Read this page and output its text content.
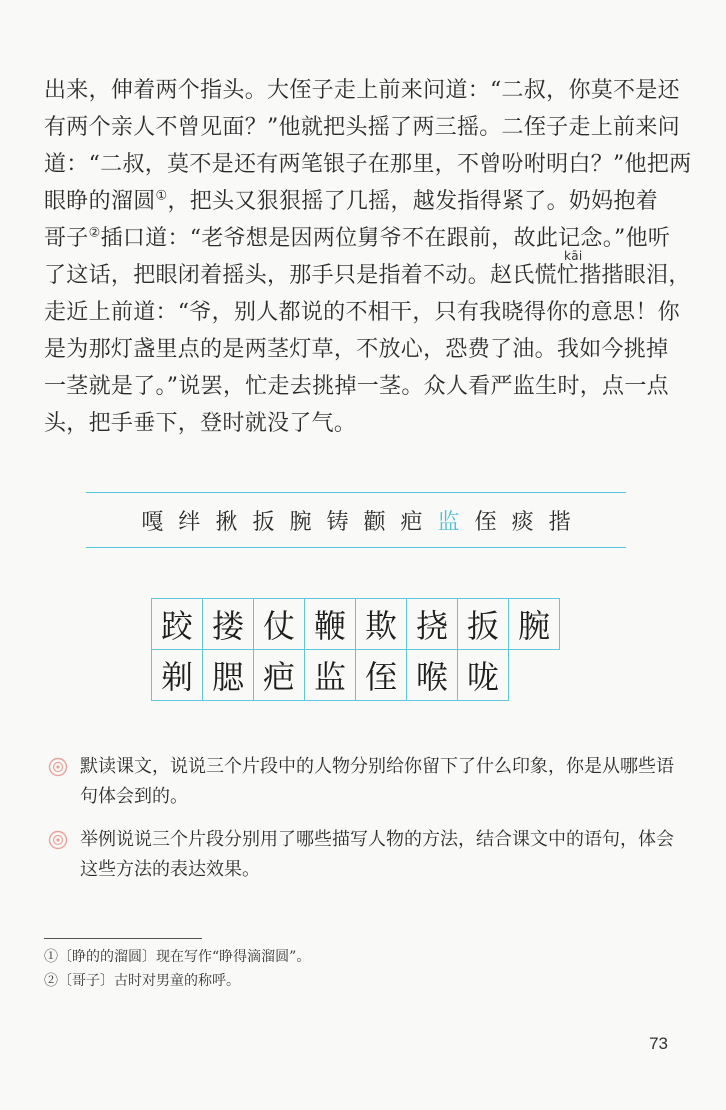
出来，伸着两个指头。大侄子走上前来问道：“二叔，你莫不是还
有两个亲人不曾见面？”他就把头摇了两三摇。二侄子走上前来问
道：“二叔，莫不是还有两笔银子在那里，不曾吩咐明白？”他把两
眼睁的溜圆①，把头又狠狠摇了几摇，越发指得紧了。奶妈抱着
哥子②插口道：“老爷想是因两位舅爷不在跟前，故此记念。”他听
kāi
了这话，把眼闭着摇头，那手只是指着不动。赵氏慌忙揩揩眼泪，
走近上前道：“爷，别人都说的不相干，只有我晓得你的意思！你
是为那灯盏里点的是两茎灯草，不放心，恐费了油。我如今挑掉
一茎就是了。”说罢，忙走去挑掉一茎。众人看严监生时，点一点
头，把手垂下，登时就没了气。
嘎 绊 揪 扳 腕 铸 颧 疤 监 侄 痰 揩
跤 搂 仗 鞭 欺 挠 扳 腕
剃 腮 疤 监 侄 喉 咙
默读课文，说说三个片段中的人物分别给你留下了什么印象，你是从哪些语句体会到的。
举例说说三个片段分别用了哪些描写人物的方法，结合课文中的语句，体会这些方法的表达效果。
①〔睁的的溜圆〕现在写作“睁得滴溜圆”。
②〔哥子〕古时对男童的称呼。
73
